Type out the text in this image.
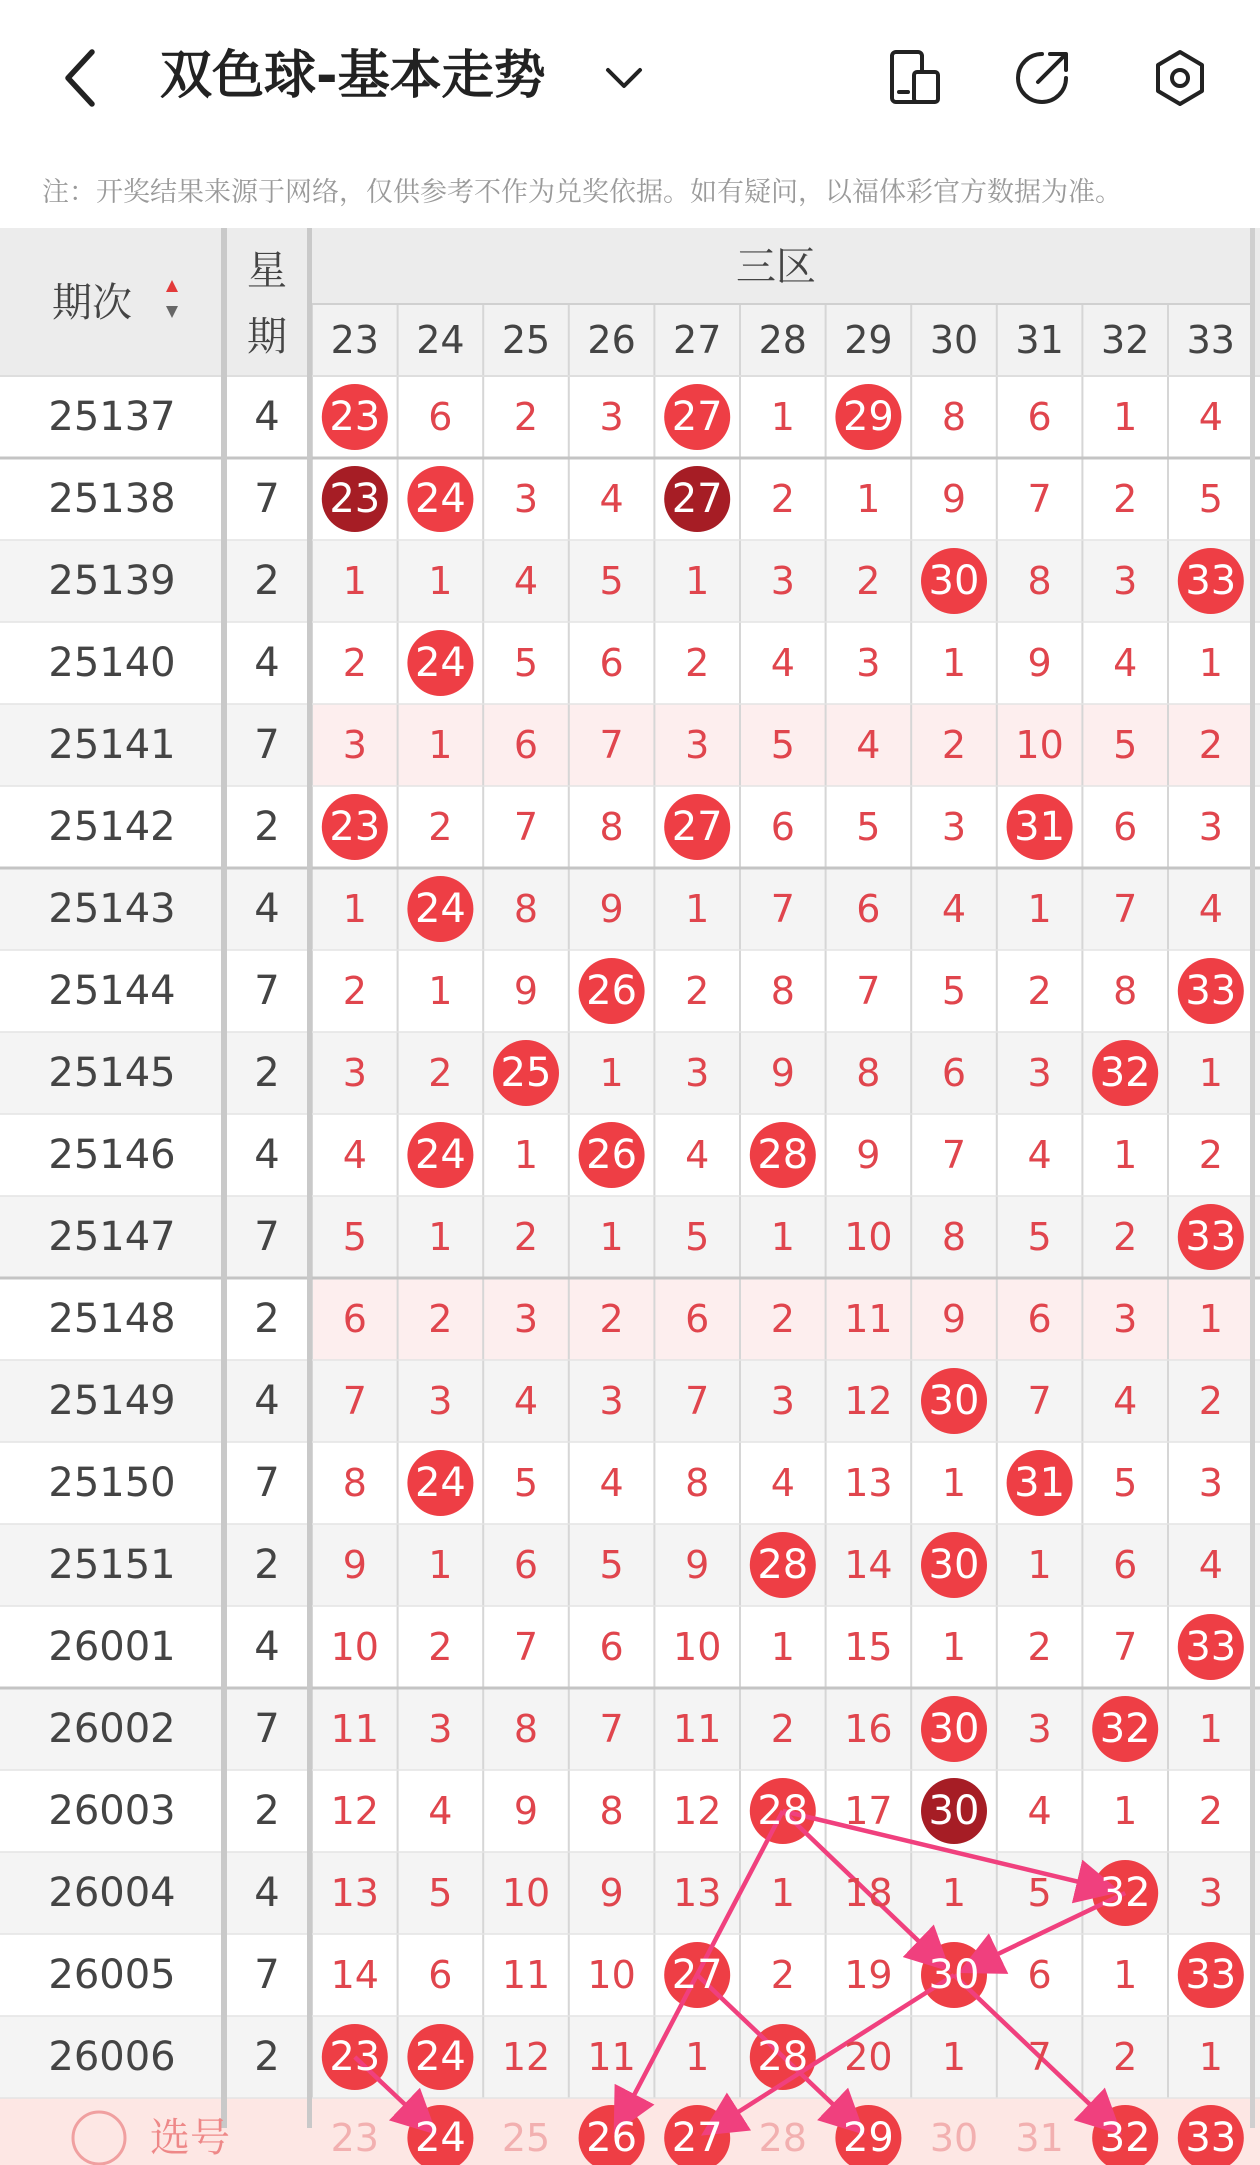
双色球-基本走势
注：开奖结果来源于网络，仅供参考不作为兑奖依据。如有疑问，以福体彩官方数据为准。
期次
星
期
三区
23 24 25 26 27 28 29 30 31 32 33
25137 4 23 6 2 3 27 1 29 8 6 1 4
25138 7 23 24 3 4 27 2 1 9 7 2 5
25139 2 1 1 4 5 1 3 2 30 8 3 33
25140 4 2 24 5 6 2 4 3 1 9 4 1
25141 7 3 1 6 7 3 5 4 2 10 5 2
25142 2 23 2 7 8 27 6 5 3 31 6 3
25143 4 1 24 8 9 1 7 6 4 1 7 4
25144 7 2 1 9 26 2 8 7 5 2 8 33
25145 2 3 2 25 1 3 9 8 6 3 32 1
25146 4 4 24 1 26 4 28 9 7 4 1 2
25147 7 5 1 2 1 5 1 10 8 5 2 33
25148 2 6 2 3 2 6 2 11 9 6 3 1
25149 4 7 3 4 3 7 3 12 30 7 4 2
25150 7 8 24 5 4 8 4 13 1 31 5 3
25151 2 9 1 6 5 9 28 14 30 1 6 4
26001 4 10 2 7 6 10 1 15 1 2 7 33
26002 7 11 3 8 7 11 2 16 30 3 32 1
26003 2 12 4 9 8 12 28 17 30 4 1 2
26004 4 13 5 10 9 13 1 18 1 5 32 3
26005 7 14 6 11 10 27 2 19 30 6 1 33
26006 2 23 24 12 11 1 28 20 1 7 2 1
选号	23 24 25 26 27 28 29 30 31 32 33
